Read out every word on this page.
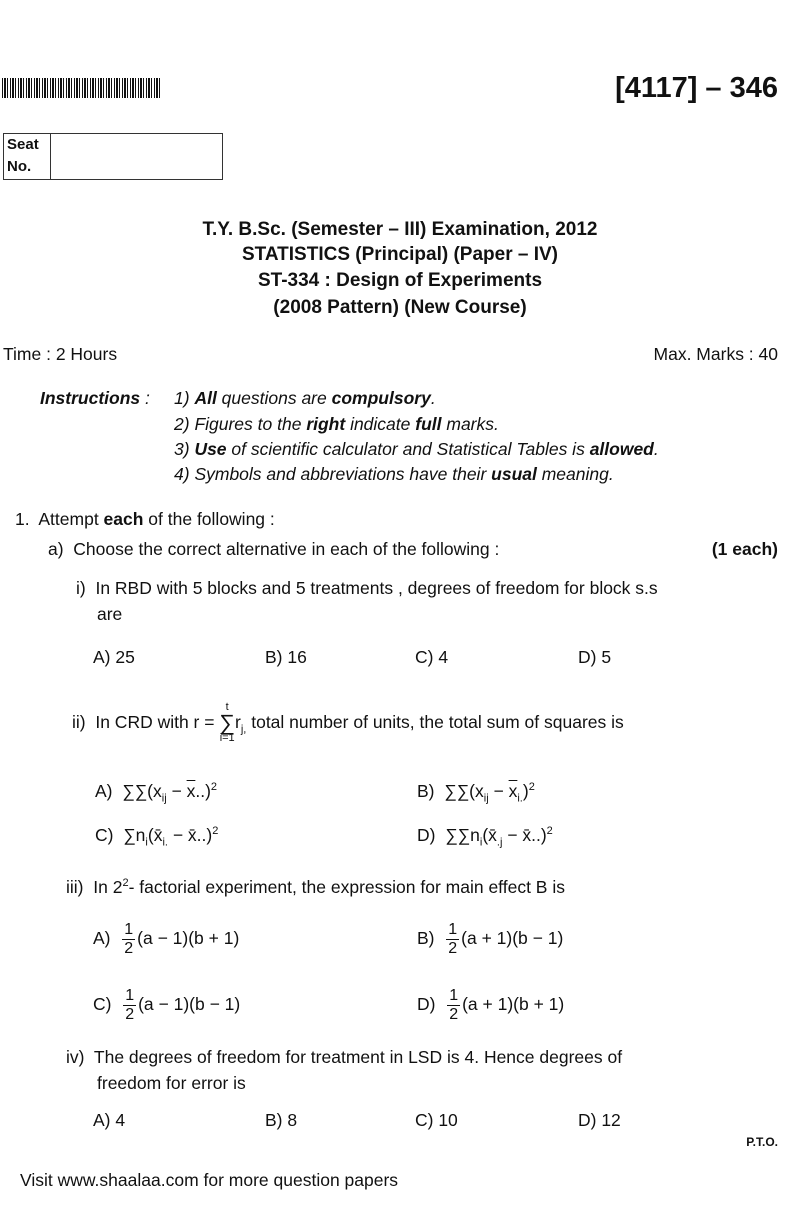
[4117] – 346
Seat
No.
T.Y. B.Sc. (Semester – III) Examination, 2012
STATISTICS (Principal) (Paper – IV)
ST-334 : Design of Experiments
(2008 Pattern) (New Course)
Time : 2 Hours	Max. Marks : 40
Instructions : 1) All questions are compulsory.
2) Figures to the right indicate full marks.
3) Use of scientific calculator and Statistical Tables is allowed.
4) Symbols and abbreviations have their usual meaning.
1. Attempt each of the following :
a) Choose the correct alternative in each of the following :	(1 each)
i) In RBD with 5 blocks and 5 treatments , degrees of freedom for block s.s
are
A) 25	B) 16	C) 4	D) 5
ii) In CRD with r =
t
∑
i=1
$r_{j,}$ total number of units, the total sum of squares is
A) $\sum\sum(x_{ij} - \overline{x}..)^2$	B) $\sum\sum(x_{ij} - \overline{x}_{i.})^2$
C) $\sum n_i(x̄_{i.}$ − x̄..)$^2$	D) $\sum\sum n_i(x̄_{.j}$ − x̄..)$^2$
iii) In $2^2-$ factorial experiment, the expression for main effect B is
$A) \frac{1}{2} (a - 1)(b + 1)$	$B) \frac{1}{2} (a + 1)(b - 1)$
$C) \frac{1}{2} (a - 1)(b - 1)$	$D) \frac{1}{2} (a + 1)(b + 1)$
iv) The degrees of freedom for treatment in LSD is 4. Hence degrees of
freedom for error is
A) 4	B) 8	C) 10	D) 12
P.T.O.
Visit www.shaalaa.com for more question papers
